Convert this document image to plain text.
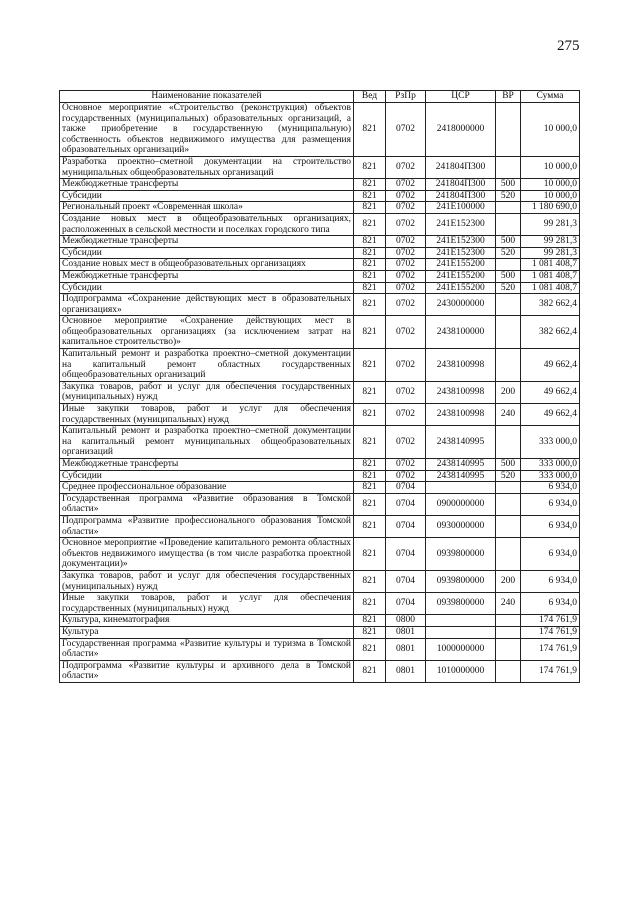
275
Наименование показателей	Вед	РзПр	ЦСР	ВР	Сумма
Основное мероприятие «Строительство (реконструкция) объектов государственных (муниципальных) образовательных организаций, а также приобретение в государственную (муниципальную) собственность объектов недвижимого имущества для размещения образовательных организаций»	821	0702	2418000000		10 000,0
Разработка проектно–сметной документации на строительство муниципальных общеобразовательных организаций	821	0702	241804П300		10 000,0
Межбюджетные трансферты	821	0702	241804П300	500	10 000,0
Субсидии	821	0702	241804П300	520	10 000,0
Региональный проект «Современная школа»	821	0702	241E100000		1 180 690,0
Создание новых мест в общеобразовательных организациях, расположенных в сельской местности и поселках городского типа	821	0702	241E152300		99 281,3
Межбюджетные трансферты	821	0702	241E152300	500	99 281,3
Субсидии	821	0702	241E152300	520	99 281,3
Создание новых мест в общеобразовательных организациях	821	0702	241E155200		1 081 408,7
Межбюджетные трансферты	821	0702	241E155200	500	1 081 408,7
Субсидии	821	0702	241E155200	520	1 081 408,7
Подпрограмма «Сохранение действующих мест в образовательных организациях»	821	0702	2430000000		382 662,4
Основное мероприятие «Сохранение действующих мест в общеобразовательных организациях (за исключением затрат на капитальное строительство)»	821	0702	2438100000		382 662,4
Капитальный ремонт и разработка проектно–сметной документации на капитальный ремонт областных государственных общеобразовательных организаций	821	0702	2438100998		49 662,4
Закупка товаров, работ и услуг для обеспечения государственных (муниципальных) нужд	821	0702	2438100998	200	49 662,4
Иные закупки товаров, работ и услуг для обеспечения государственных (муниципальных) нужд	821	0702	2438100998	240	49 662,4
Капитальный ремонт и разработка проектно–сметной документации на капитальный ремонт муниципальных общеобразовательных организаций	821	0702	2438140995		333 000,0
Межбюджетные трансферты	821	0702	2438140995	500	333 000,0
Субсидии	821	0702	2438140995	520	333 000,0
Среднее профессиональное образование	821	0704			6 934,0
Государственная программа «Развитие образования в Томской области»	821	0704	0900000000		6 934,0
Подпрограмма «Развитие профессионального образования Томской области»	821	0704	0930000000		6 934,0
Основное мероприятие «Проведение капитального ремонта областных объектов недвижимого имущества (в том числе разработка проектной документации)»	821	0704	0939800000		6 934,0
Закупка товаров, работ и услуг для обеспечения государственных (муниципальных) нужд	821	0704	0939800000	200	6 934,0
Иные закупки товаров, работ и услуг для обеспечения государственных (муниципальных) нужд	821	0704	0939800000	240	6 934,0
Культура, кинематография	821	0800			174 761,9
Культура	821	0801			174 761,9
Государственная программа «Развитие культуры и туризма в Томской области»	821	0801	1000000000		174 761,9
Подпрограмма «Развитие культуры и архивного дела в Томской области»	821	0801	1010000000		174 761,9
